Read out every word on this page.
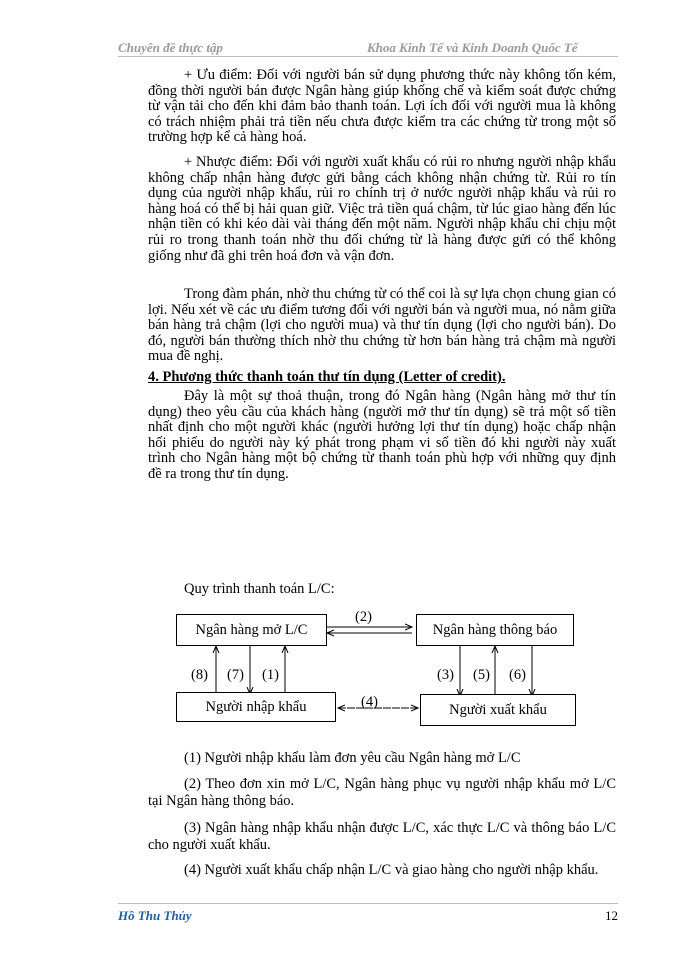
Chuyên đề thực tập	Khoa Kinh Tế và Kinh Doanh Quốc Tế

+ Ưu điểm: Đối với người bán sử dụng phương thức này không tốn kém, đồng thời người bán được Ngân hàng giúp khống chế và kiểm soát được chứng từ vận tải cho đến khi đảm bảo thanh toán. Lợi ích đối với người mua là không có trách nhiệm phải trả tiền nếu chưa được kiểm tra các chứng từ trong một số trường hợp kể cả hàng hoá.

+ Nhược điểm: Đối với người xuất khẩu có rủi ro nhưng người nhập khẩu không chấp nhận hàng được gửi bằng cách không nhận chứng từ. Rủi ro tín dụng của người nhập khẩu, rủi ro chính trị ở nước người nhập khẩu và rủi ro hàng hoá có thể bị hải quan giữ. Việc trả tiền quá chậm, từ lúc giao hàng đến lúc nhận tiền có khi kéo dài vài tháng đến một năm. Người nhập khẩu chỉ chịu một rủi ro trong thanh toán nhờ thu đối chứng từ là hàng được gửi có thể không giống như đã ghi trên hoá đơn và vận đơn.

Trong đàm phán, nhờ thu chứng từ có thể coi là sự lựa chọn chung gian có lợi. Nếu xét về các ưu điểm tương đối với người bán và người mua, nó nằm giữa bán hàng trả chậm (lợi cho người mua) và thư tín dụng (lợi cho người bán). Do đó, người bán thường thích nhờ thu chứng từ hơn bán hàng trả chậm mà người mua đề nghị.

4. Phương thức thanh toán thư tín dụng (Letter of credit).

Đây là một sự thoả thuận, trong đó Ngân hàng (Ngân hàng mở thư tín dụng) theo yêu cầu của khách hàng (người mở thư tín dụng) sẽ trả một số tiền nhất định cho một người khác (người hưởng lợi thư tín dụng) hoặc chấp nhận hối phiếu do người này ký phát trong phạm vi số tiền đó khi người này xuất trình cho Ngân hàng một bộ chứng từ thanh toán phù hợp với những quy định đề ra trong thư tín dụng.

Quy trình thanh toán L/C:
Ngân hàng mở L/C	Ngân hàng thông báo
Người nhập khẩu	Người xuất khẩu
(2)
(8) (7) (1)	(3) (5) (6)
(4)

(1) Người nhập khẩu làm đơn yêu cầu Ngân hàng mở L/C

(2) Theo đơn xin mở L/C, Ngân hàng phục vụ người nhập khẩu mở L/C tại Ngân hàng thông báo.

(3) Ngân hàng nhập khẩu nhận được L/C, xác thực L/C và thông báo L/C cho người xuất khẩu.

(4) Người xuất khẩu chấp nhận L/C và giao hàng cho người nhập khẩu.

Hồ Thu Thủy	12
